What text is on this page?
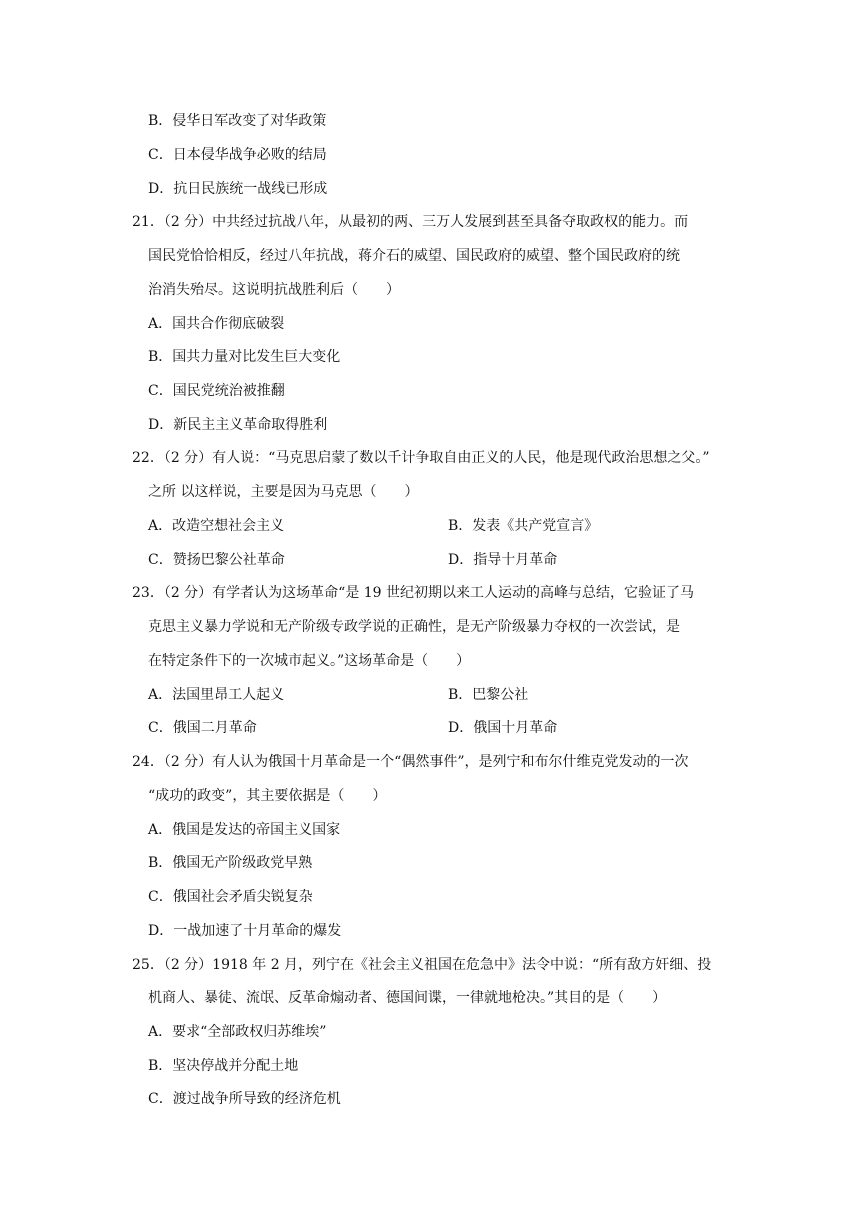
B．侵华日军改变了对华政策
C．日本侵华战争必败的结局
D．抗日民族统一战线已形成
21．（2 分）中共经过抗战八年，从最初的两、三万人发展到甚至具备夺取政权的能力。而
国民党恰恰相反，经过八年抗战，蒋介石的威望、国民政府的威望、整个国民政府的统
治消失殆尽。这说明抗战胜利后（　　）
A．国共合作彻底破裂
B．国共力量对比发生巨大变化
C．国民党统治被推翻
D．新民主主义革命取得胜利
22．（2 分）有人说：“马克思启蒙了数以千计争取自由正义的人民，他是现代政治思想之父。”
之所 以这样说，主要是因为马克思（　　）
A．改造空想社会主义	B．发表《共产党宣言》
C．赞扬巴黎公社革命	D．指导十月革命
23．（2 分）有学者认为这场革命“是 19 世纪初期以来工人运动的高峰与总结，它验证了马
克思主义暴力学说和无产阶级专政学说的正确性，是无产阶级暴力夺权的一次尝试，是
在特定条件下的一次城市起义。”这场革命是（　　）
A．法国里昂工人起义	B．巴黎公社
C．俄国二月革命	D．俄国十月革命
24．（2 分）有人认为俄国十月革命是一个“偶然事件”，是列宁和布尔什维克党发动的一次
“成功的政变”，其主要依据是（　　）
A．俄国是发达的帝国主义国家
B．俄国无产阶级政党早熟
C．俄国社会矛盾尖锐复杂
D．一战加速了十月革命的爆发
25．（2 分）1918 年 2 月，列宁在《社会主义祖国在危急中》法令中说：“所有敌方奸细、投
机商人、暴徒、流氓、反革命煽动者、德国间谍，一律就地枪决。”其目的是（　　）
A．要求“全部政权归苏维埃”
B．坚决停战并分配土地
C．渡过战争所导致的经济危机
